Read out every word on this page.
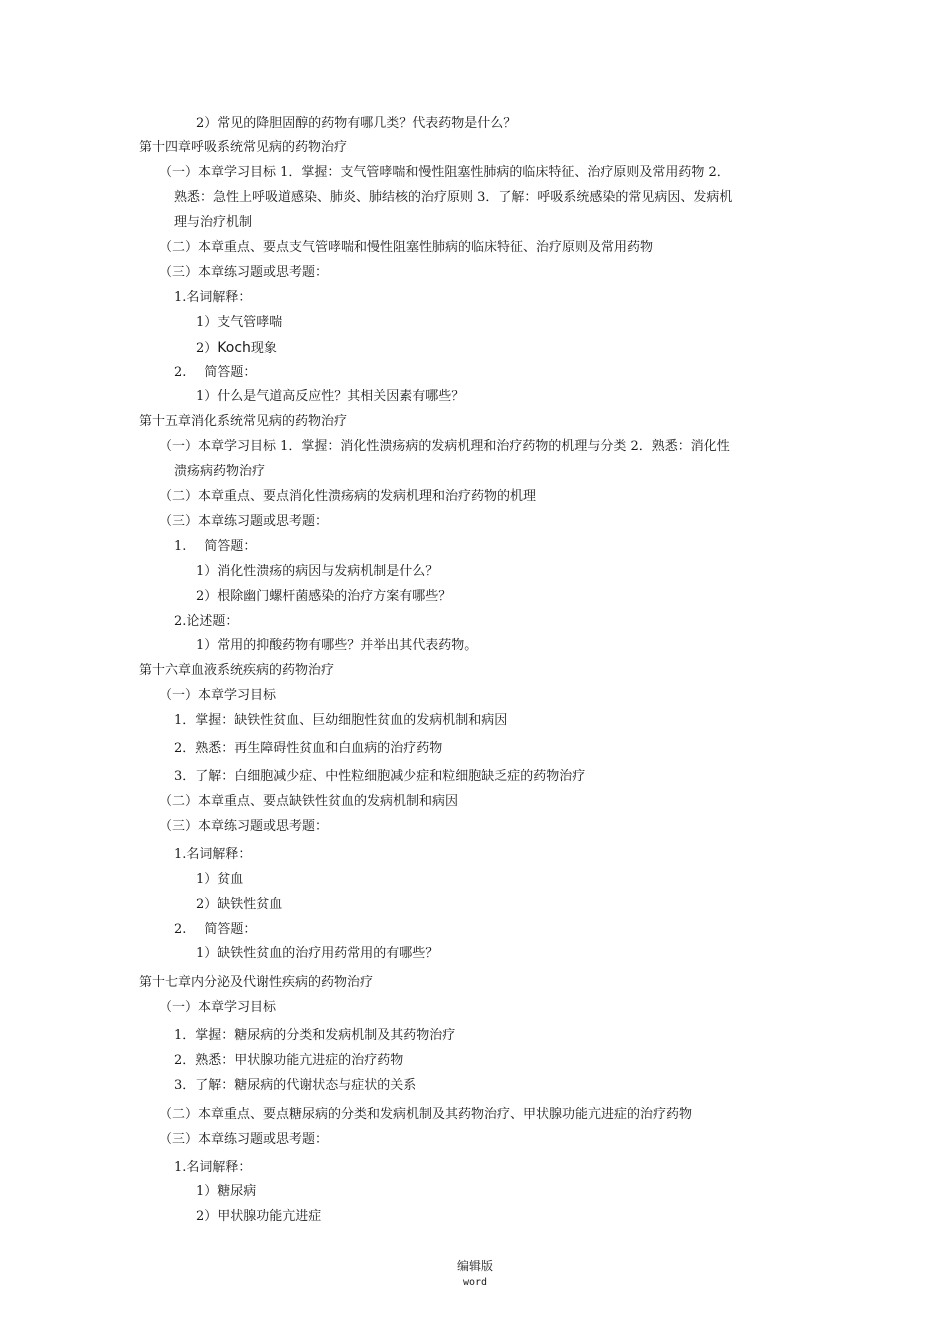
2）常见的降胆固醇的药物有哪几类？代表药物是什么？
第十四章呼吸系统常见病的药物治疗
（一）本章学习目标 1．掌握：支气管哮喘和慢性阻塞性肺病的临床特征、治疗原则及常用药物 2．
熟悉：急性上呼吸道感染、肺炎、肺结核的治疗原则 3．了解：呼吸系统感染的常见病因、发病机
理与治疗机制
（二）本章重点、要点支气管哮喘和慢性阻塞性肺病的临床特征、治疗原则及常用药物
（三）本章练习题或思考题：
1.名词解释：
1）支气管哮喘
2）Koch现象
2. 简答题：
1）什么是气道高反应性？其相关因素有哪些？
第十五章消化系统常见病的药物治疗
（一）本章学习目标 1．掌握：消化性溃疡病的发病机理和治疗药物的机理与分类 2．熟悉：消化性
溃疡病药物治疗
（二）本章重点、要点消化性溃疡病的发病机理和治疗药物的机理
（三）本章练习题或思考题：
1. 简答题：
1）消化性溃疡的病因与发病机制是什么？
2）根除幽门螺杆菌感染的治疗方案有哪些？
2.论述题：
1）常用的抑酸药物有哪些？并举出其代表药物。
第十六章血液系统疾病的药物治疗
（一）本章学习目标
1．掌握：缺铁性贫血、巨幼细胞性贫血的发病机制和病因
2．熟悉：再生障碍性贫血和白血病的治疗药物
3．了解：白细胞减少症、中性粒细胞减少症和粒细胞缺乏症的药物治疗
（二）本章重点、要点缺铁性贫血的发病机制和病因
（三）本章练习题或思考题：
1.名词解释：
1）贫血
2）缺铁性贫血
2. 简答题：
1）缺铁性贫血的治疗用药常用的有哪些？
第十七章内分泌及代谢性疾病的药物治疗
（一）本章学习目标
1．掌握：糖尿病的分类和发病机制及其药物治疗
2．熟悉：甲状腺功能亢进症的治疗药物
3．了解：糖尿病的代谢状态与症状的关系
（二）本章重点、要点糖尿病的分类和发病机制及其药物治疗、甲状腺功能亢进症的治疗药物
（三）本章练习题或思考题：
1.名词解释：
1）糖尿病
2）甲状腺功能亢进症
编辑版
word
